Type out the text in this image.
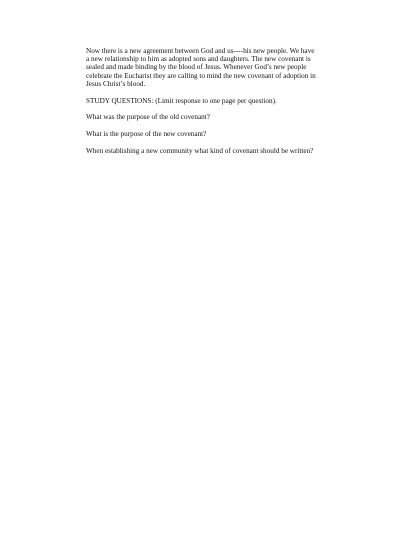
Now there is a new agreement between God and us----his new people. We have
a new relationship to him as adopted sons and daughters. The new covenant is
sealed and made binding by the blood of Jesus. Whenever God’s new people
celebrate the Eucharist they are calling to mind the new covenant of adoption in
Jesus Christ’s blood.

STUDY QUESTIONS: (Limit response to one page per question).

What was the purpose of the old covenant?

What is the purpose of the new covenant?

When establishing a new community what kind of covenant should be written?
